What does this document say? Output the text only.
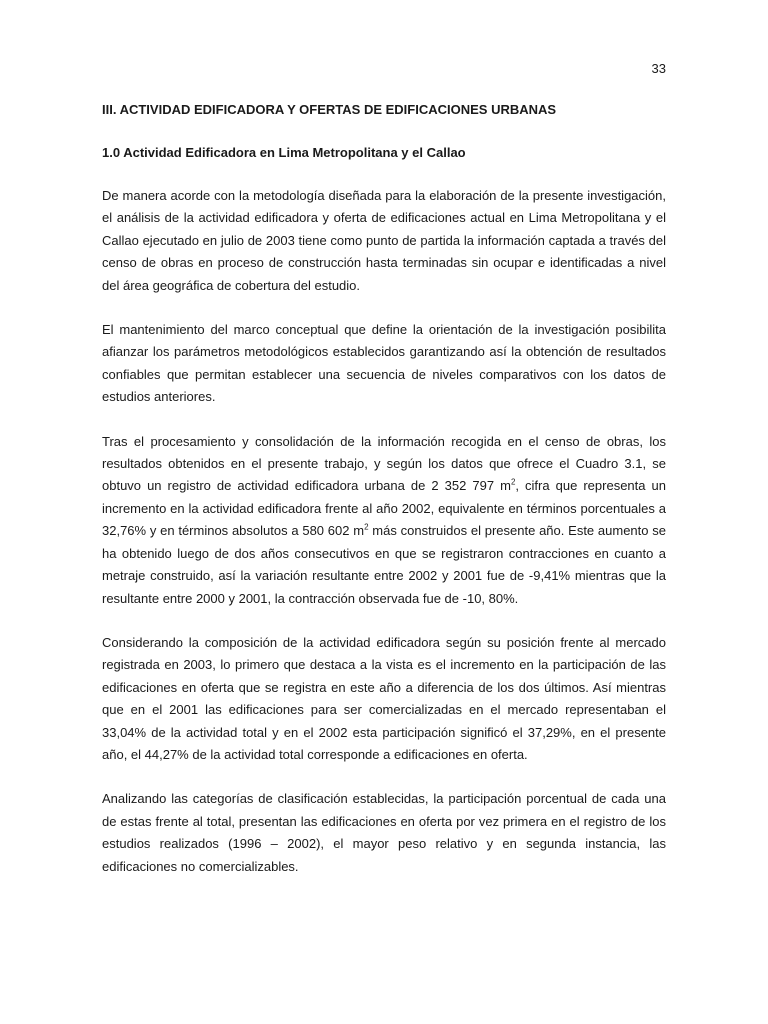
33
III. ACTIVIDAD EDIFICADORA Y OFERTAS DE EDIFICACIONES URBANAS
1.0 Actividad Edificadora en Lima Metropolitana y el Callao

De manera acorde con la metodología diseñada para la elaboración de la presente investigación, el análisis de la actividad edificadora y oferta de edificaciones actual en Lima Metropolitana y el Callao ejecutado en julio de 2003 tiene como punto de partida la información captada a través del censo de obras en proceso de construcción hasta terminadas sin ocupar e identificadas a nivel del área geográfica de cobertura del estudio.

El mantenimiento del marco conceptual que define la orientación de la investigación posibilita afianzar los parámetros metodológicos establecidos garantizando así la obtención de resultados confiables que permitan establecer una secuencia de niveles comparativos con los datos de estudios anteriores.

Tras el procesamiento y consolidación de la información recogida en el censo de obras, los resultados obtenidos en el presente trabajo, y según los datos que ofrece el Cuadro 3.1, se obtuvo un registro de actividad edificadora urbana de 2 352 797 $m^2$, cifra que representa un incremento en la actividad edificadora frente al año 2002, equivalente en términos porcentuales a 32,76% y en términos absolutos a 580 602 $m^2$ más construidos el presente año. Este aumento se ha obtenido luego de dos años consecutivos en que se registraron contracciones en cuanto a metraje construido, así la variación resultante entre 2002 y 2001 fue de -9,41% mientras que la resultante entre 2000 y 2001, la contracción observada fue de -10, 80%.

Considerando la composición de la actividad edificadora según su posición frente al mercado registrada en 2003, lo primero que destaca a la vista es el incremento en la participación de las edificaciones en oferta que se registra en este año a diferencia de los dos últimos. Así mientras que en el 2001 las edificaciones para ser comercializadas en el mercado representaban el 33,04% de la actividad total y en el 2002 esta participación significó el 37,29%, en el presente año, el 44,27% de la actividad total corresponde a edificaciones en oferta.

Analizando las categorías de clasificación establecidas, la participación porcentual de cada una de estas frente al total, presentan las edificaciones en oferta por vez primera en el registro de los estudios realizados (1996 – 2002), el mayor peso relativo y en segunda instancia, las edificaciones no comercializables.
